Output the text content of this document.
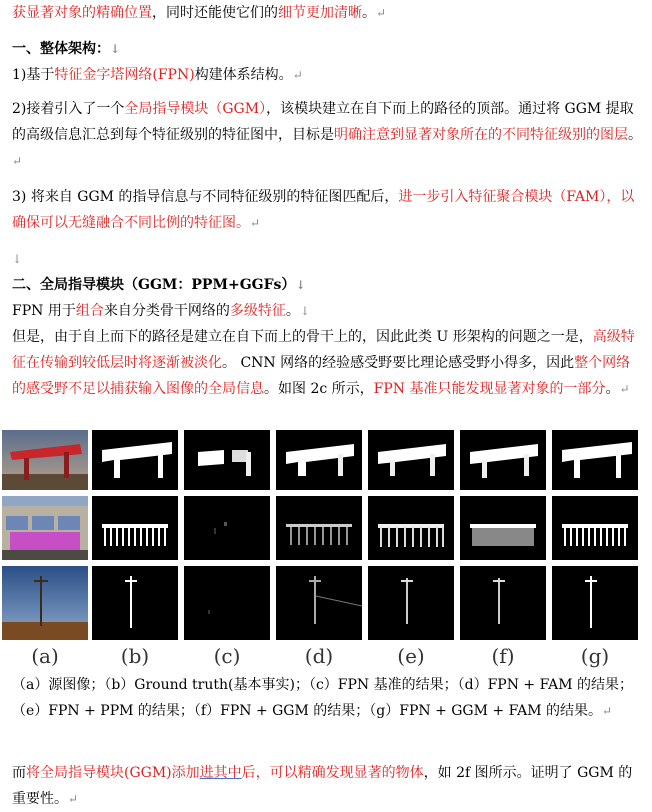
获显著对象的精确位置，同时还能使它们的细节更加清晰。↵

一、整体架构：↓

1)基于特征金字塔网络(FPN)构建体系结构。↵

2)接着引入了一个全局指导模块（GGM），该模块建立在自下而上的路径的顶部。通过将 GGM 提取的高级信息汇总到每个特征级别的特征图中，目标是明确注意到显著对象所在的不同特征级别的图层。↵

3) 将来自 GGM 的指导信息与不同特征级别的特征图匹配后，进一步引入特征聚合模块（FAM），以确保可以无缝融合不同比例的特征图。↵

↓

二、全局指导模块（GGM：PPM+GGFs）↓

FPN 用于组合来自分类骨干网络的多级特征。↓

但是，由于自上而下的路径是建立在自下而上的骨干上的，因此此类 U 形架构的问题之一是，高级特征在传输到较低层时将逐渐被淡化。 CNN 网络的经验感受野要比理论感受野小得多，因此整个网络的感受野不足以捕获输入图像的全局信息。如图 2c 所示，FPN 基准只能发现显著对象的一部分。↵

(a)	(b)	(c)	(d)	(e)	(f)	(g)
（a）源图像；（b）Ground truth(基本事实)；（c）FPN 基准的结果；（d）FPN + FAM 的结果；（e）FPN + PPM 的结果；（f）FPN + GGM 的结果；（g）FPN + GGM + FAM 的结果。↵
而将全局指导模块(GGM)添加进其中后，可以精确发现显著的物体，如 2f 图所示。证明了 GGM 的重要性。↵
